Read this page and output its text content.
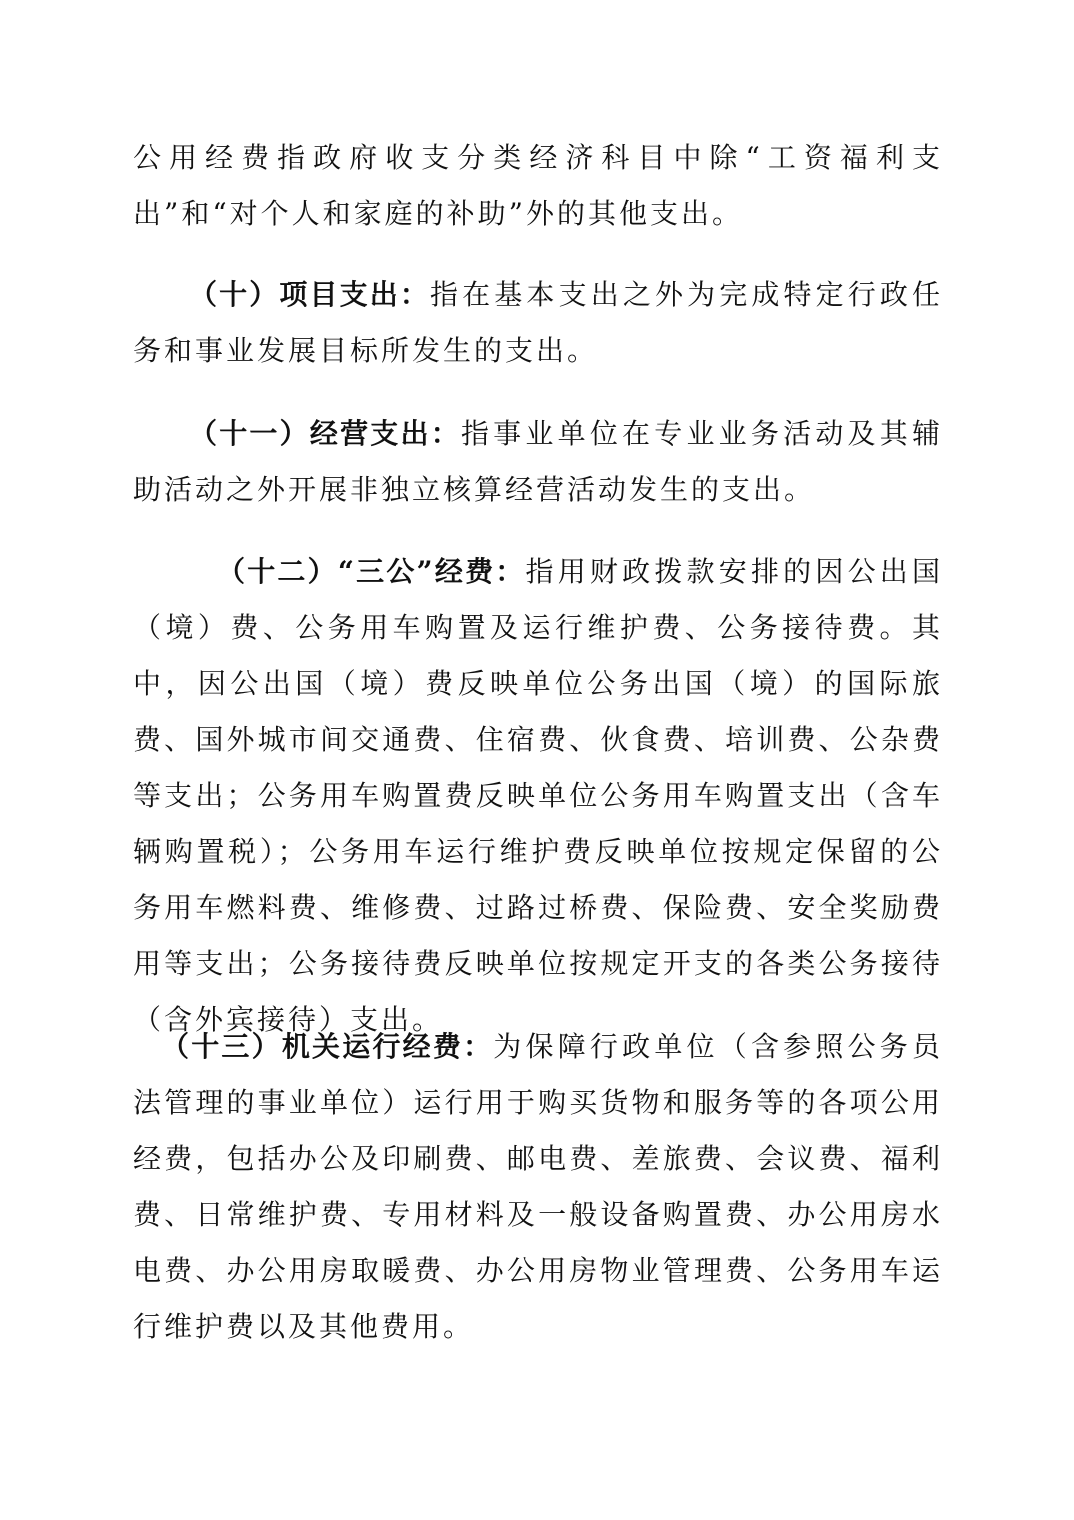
公用经费指政府收支分类经济科目中除“工资福利支出”和“对个人和家庭的补助”外的其他支出。

（十）项目支出：指在基本支出之外为完成特定行政任务和事业发展目标所发生的支出。

（十一）经营支出：指事业单位在专业业务活动及其辅助活动之外开展非独立核算经营活动发生的支出。

（十二）“三公”经费：指用财政拨款安排的因公出国（境）费、公务用车购置及运行维护费、公务接待费。其中，因公出国（境）费反映单位公务出国（境）的国际旅费、国外城市间交通费、住宿费、伙食费、培训费、公杂费等支出；公务用车购置费反映单位公务用车购置支出（含车辆购置税）；公务用车运行维护费反映单位按规定保留的公务用车燃料费、维修费、过路过桥费、保险费、安全奖励费用等支出；公务接待费反映单位按规定开支的各类公务接待（含外宾接待）支出。

（十三）机关运行经费：为保障行政单位（含参照公务员法管理的事业单位）运行用于购买货物和服务等的各项公用经费，包括办公及印刷费、邮电费、差旅费、会议费、福利费、日常维护费、专用材料及一般设备购置费、办公用房水电费、办公用房取暖费、办公用房物业管理费、公务用车运行维护费以及其他费用。
